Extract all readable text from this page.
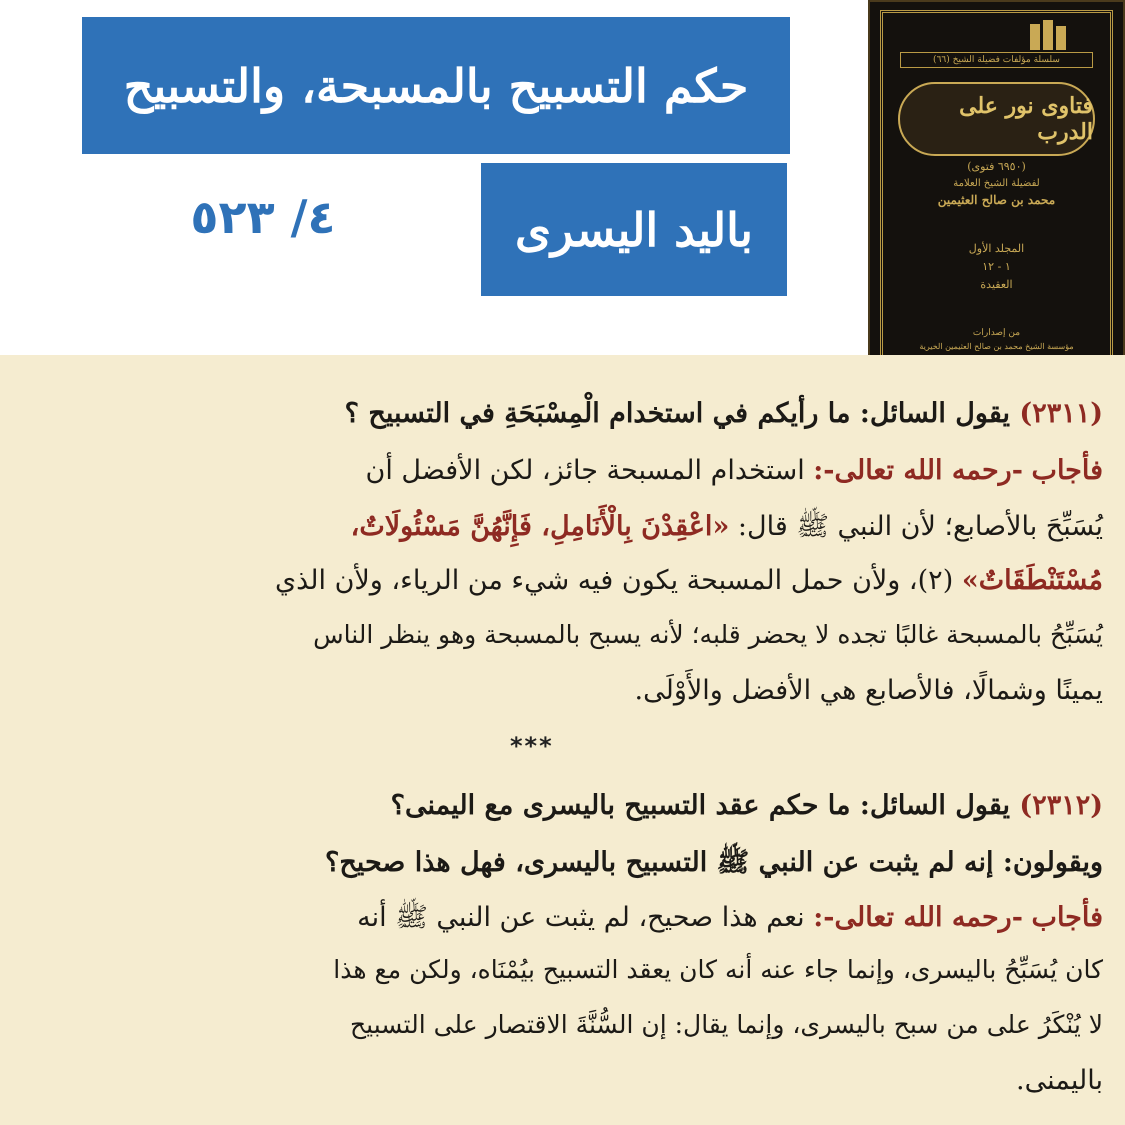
حكم التسبيح بالمسبحة، والتسبيح
باليد اليسرى
٤/ ٥٢٣
سلسلة مؤلفات فضيلة الشيخ (٦٦)
فتاوى نور على الدرب
(٦٩٥٠ فتوى)
لفضيلة الشيخ العلامة
محمد بن صالح العثيمين
المجلد الأول
١ - ١٢
العقيدة
من إصدارات
مؤسسة الشيخ محمد بن صالح العثيمين الخيرية
(٢٣١١) يقول السائل: ما رأيكم في استخدام الْمِسْبَحَةِ في التسبيح ؟
فأجاب -رحمه الله تعالى-: استخدام المسبحة جائز، لكن الأفضل أن
يُسَبِّحَ بالأصابع؛ لأن النبي ﷺ قال: «اعْقِدْنَ بِالْأَنَامِلِ، فَإِنَّهُنَّ مَسْئُولَاتٌ،
مُسْتَنْطَقَاتٌ» (٢)، ولأن حمل المسبحة يكون فيه شيء من الرياء، ولأن الذي
يُسَبِّحُ بالمسبحة غالبًا تجده لا يحضر قلبه؛ لأنه يسبح بالمسبحة وهو ينظر الناس
يمينًا وشمالًا، فالأصابع هي الأفضل والأَوْلَى.
***
(٢٣١٢) يقول السائل: ما حكم عقد التسبيح باليسرى مع اليمنى؟
ويقولون: إنه لم يثبت عن النبي ﷺ التسبيح باليسرى، فهل هذا صحيح؟
فأجاب -رحمه الله تعالى-: نعم هذا صحيح، لم يثبت عن النبي ﷺ أنه
كان يُسَبِّحُ باليسرى، وإنما جاء عنه أنه كان يعقد التسبيح بيُمْنَاه، ولكن مع هذا
لا يُنْكَرُ على من سبح باليسرى، وإنما يقال: إن السُّنَّةَ الاقتصار على التسبيح
باليمنى.
